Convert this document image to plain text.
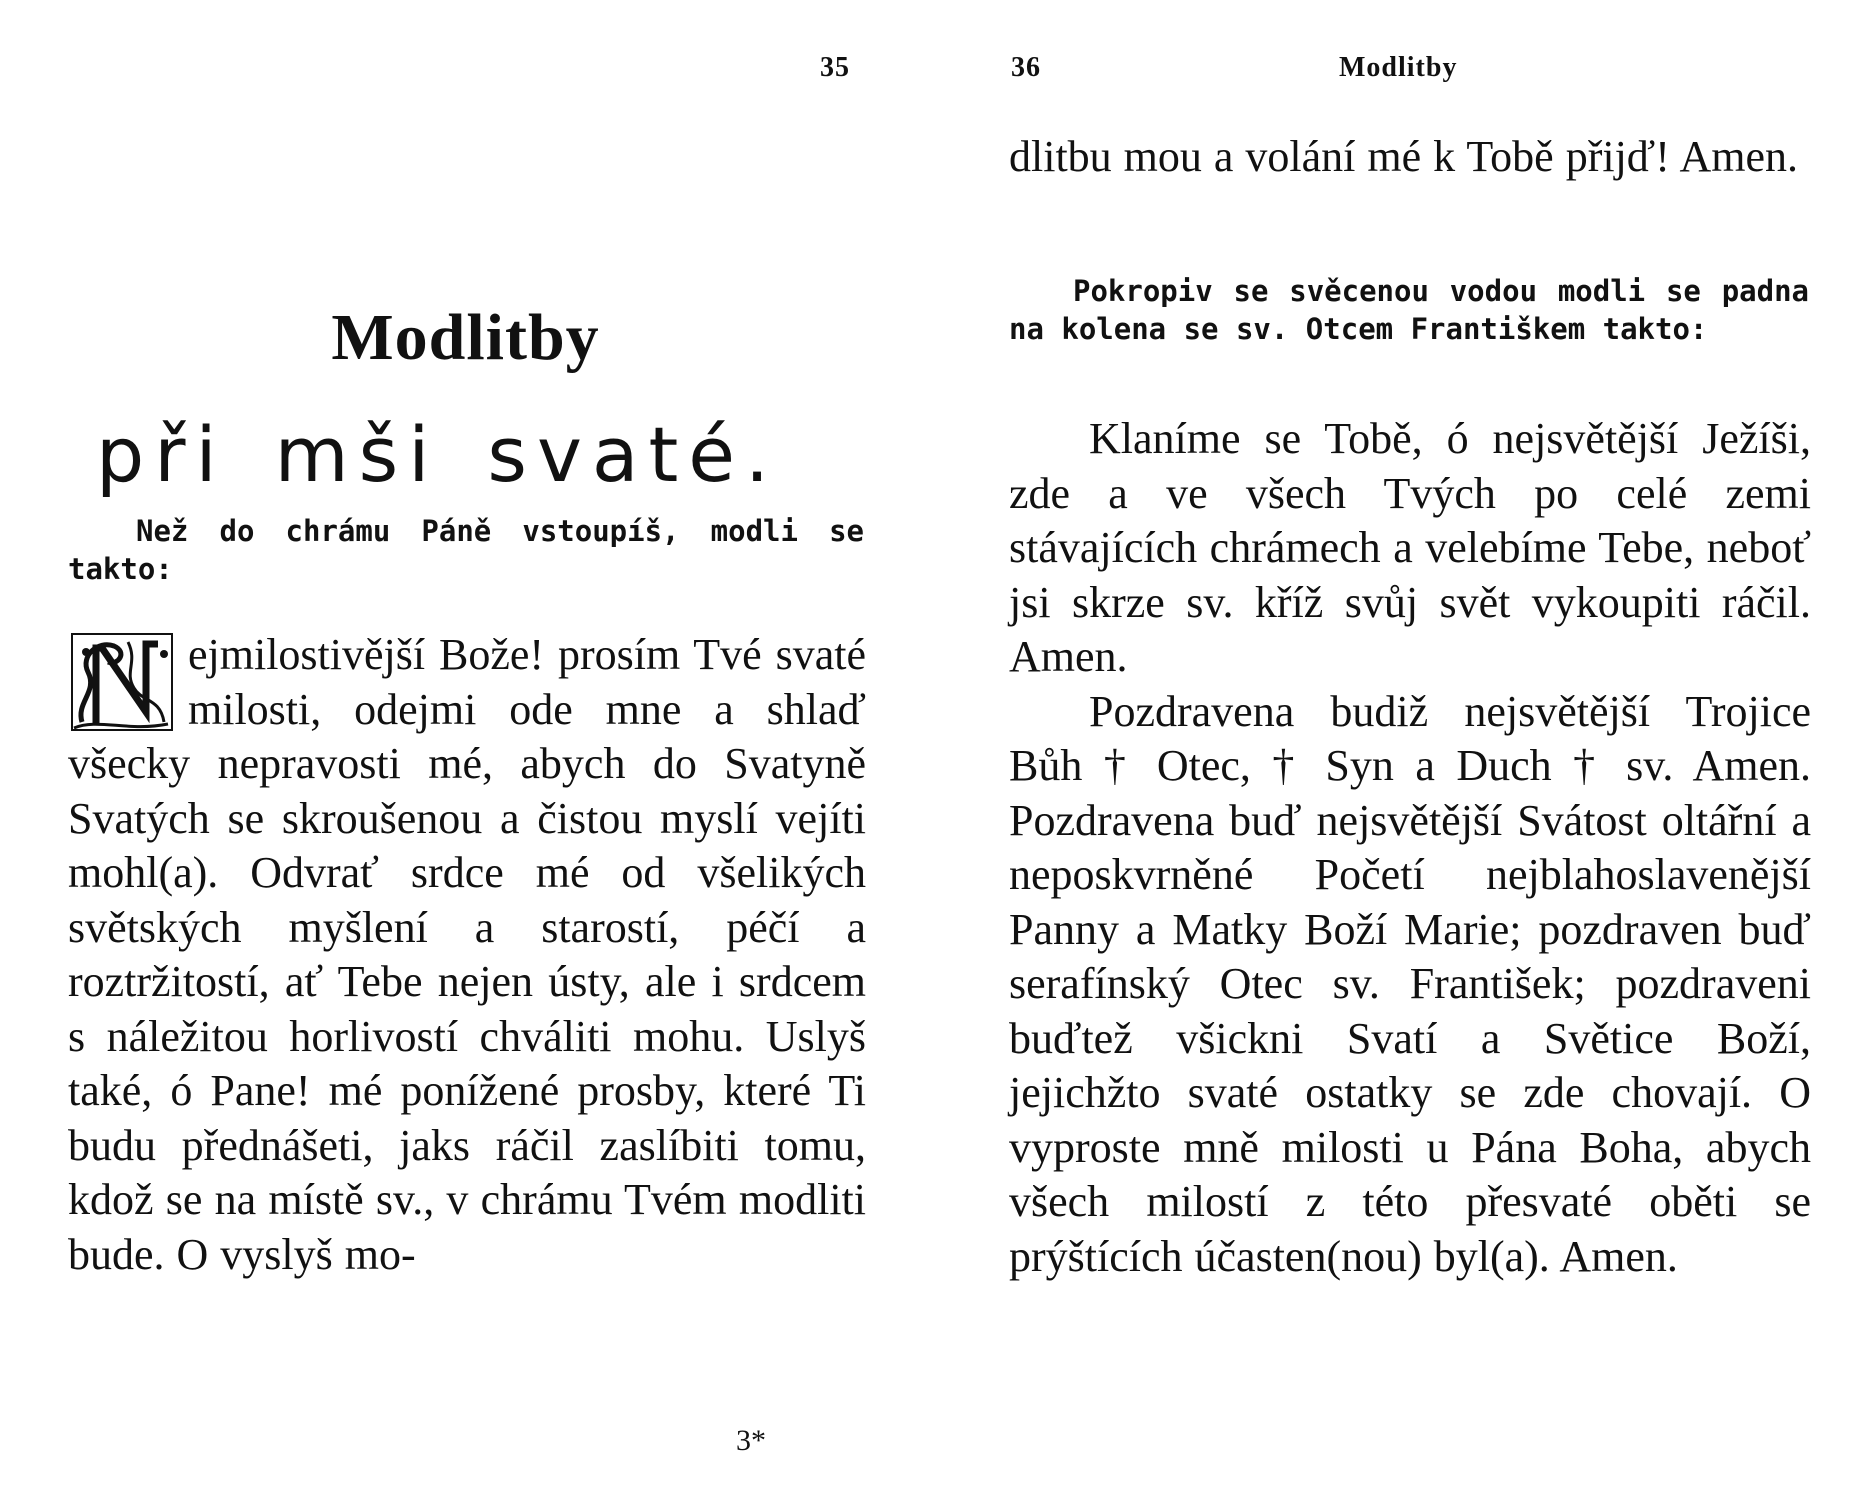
35
Modlitby
při mši svaté.
Než do chrámu Páně vstoupíš, modli se takto:
ejmilostivější Bože! prosím Tvé svaté milosti, odejmi ode mne a shlaď všecky nepravosti mé, abych do Svatyně Svatých se skroušenou a čistou myslí vejíti mohl(a). Odvrať srdce mé od všelikých světských myšlení a starostí, péčí a roztržitostí, ať Tebe nejen ústy, ale i srdcem s náležitou horlivostí chváliti mohu. Uslyš také, ó Pane! mé ponížené prosby, které Ti budu přednášeti, jaks ráčil zaslíbiti tomu, kdož se na místě sv., v chrámu Tvém modliti bude. O vyslyš mo-
3*
36	Modlitby
dlitbu mou a volání mé k Tobě přijď! Amen.
Pokropiv se svěcenou vodou modli se padna na kolena se sv. Otcem Františkem takto:
Klaníme se Tobě, ó nejsvětější Ježíši, zde a ve všech Tvých po celé zemi stávajících chrámech a velebíme Tebe, neboť jsi skrze sv. kříž svůj svět vykoupiti ráčil. Amen.
Pozdravena budiž nejsvětější Trojice Bůh † Otec, † Syn a Duch † sv. Amen. Pozdravena buď nejsvětější Svátost oltářní a neposkvrněné Početí nejblahoslavenější Panny a Matky Boží Marie; pozdraven buď serafínský Otec sv. František; pozdraveni buďtež všickni Svatí a Světice Boží, jejichžto svaté ostatky se zde chovají. O vyproste mně milosti u Pána Boha, abych všech milostí z této přesvaté oběti se prýštících účasten(nou) byl(a). Amen.
